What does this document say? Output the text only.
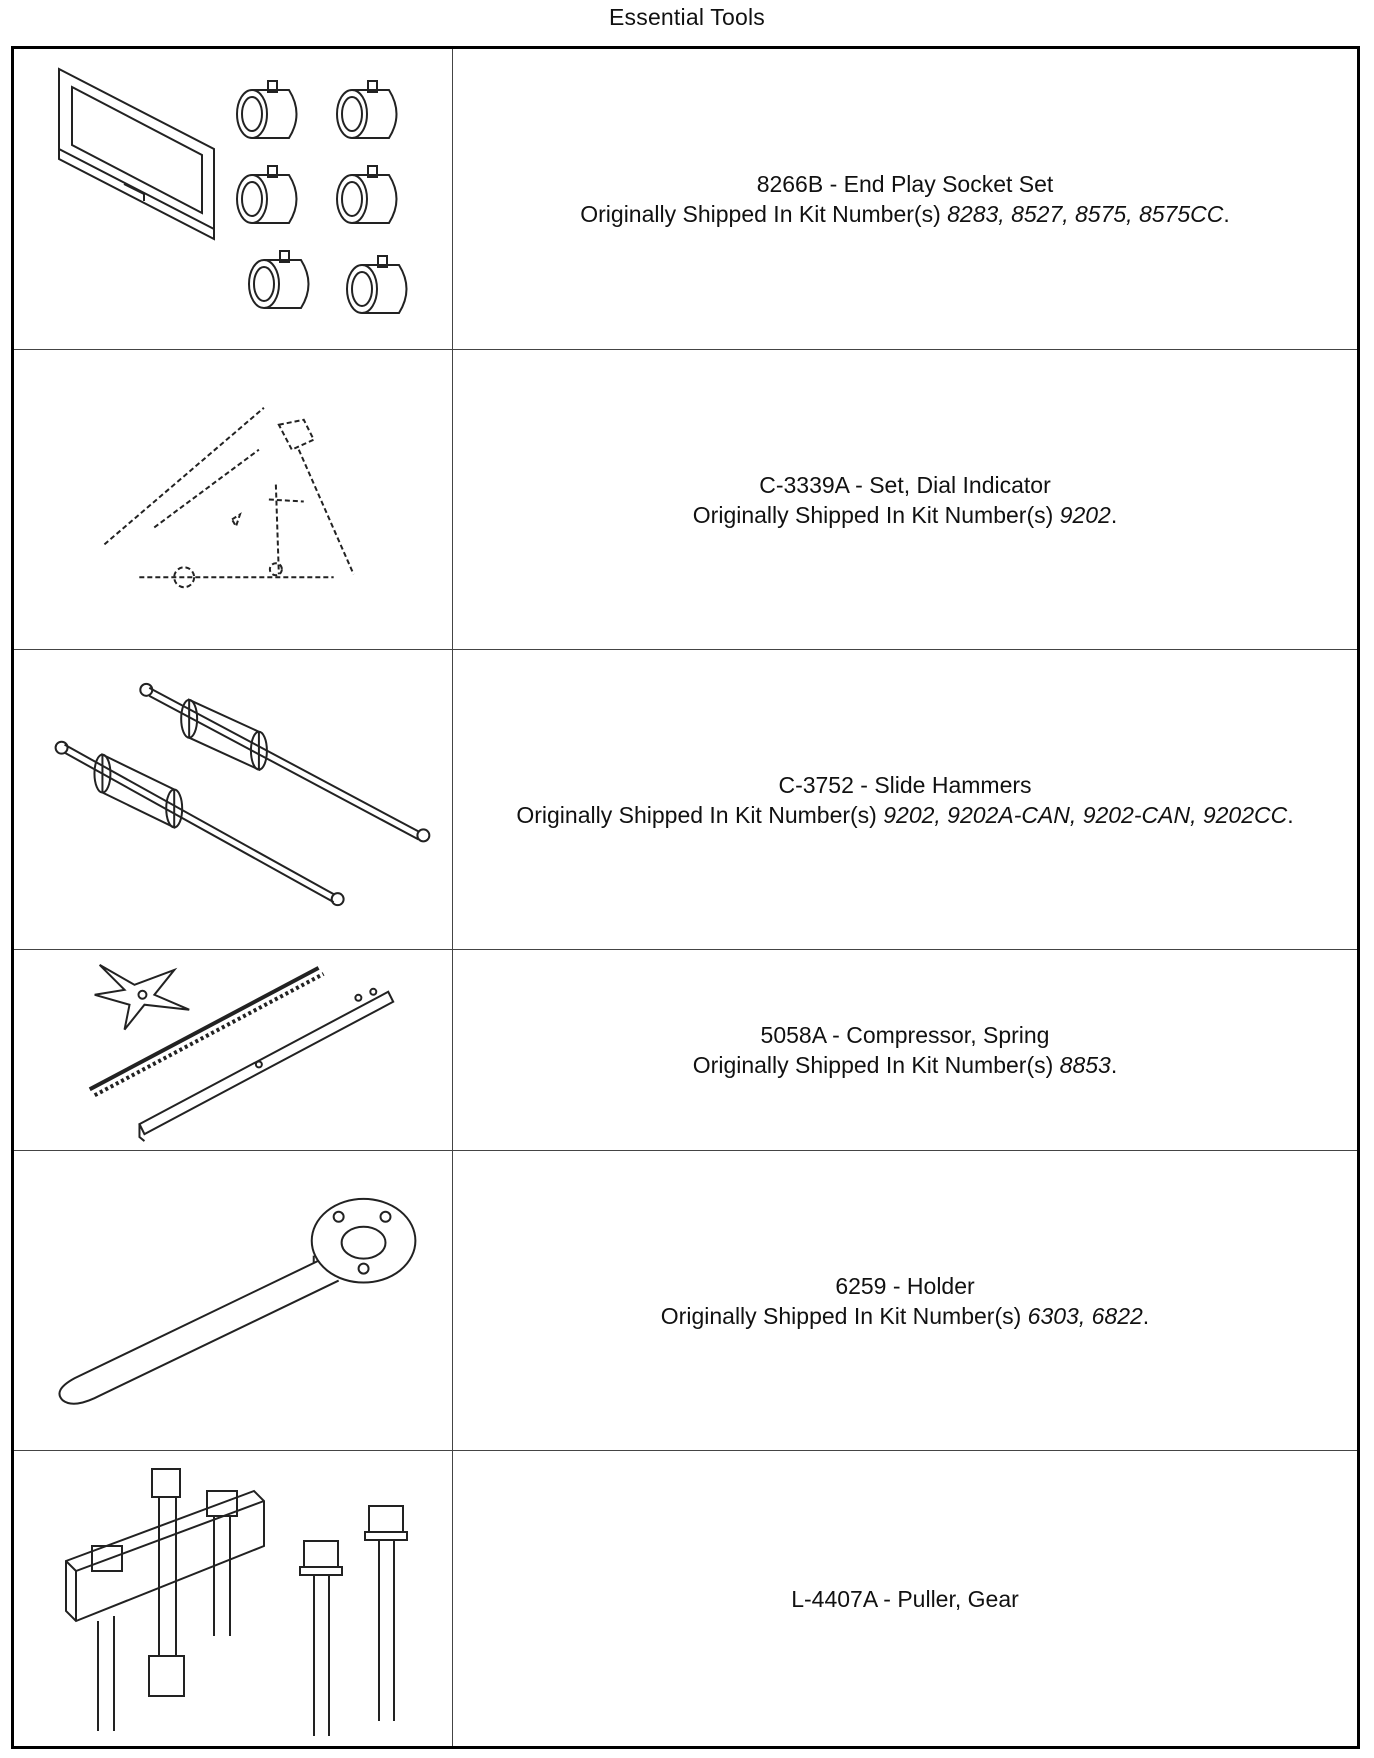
Essential Tools
8266B - End Play Socket Set
Originally Shipped In Kit Number(s) 8283, 8527, 8575, 8575CC.
C-3339A - Set, Dial Indicator
Originally Shipped In Kit Number(s) 9202.
C-3752 - Slide Hammers
Originally Shipped In Kit Number(s) 9202, 9202A-CAN, 9202-CAN, 9202CC.
5058A - Compressor, Spring
Originally Shipped In Kit Number(s) 8853.
6259 - Holder
Originally Shipped In Kit Number(s) 6303, 6822.
L-4407A - Puller, Gear
